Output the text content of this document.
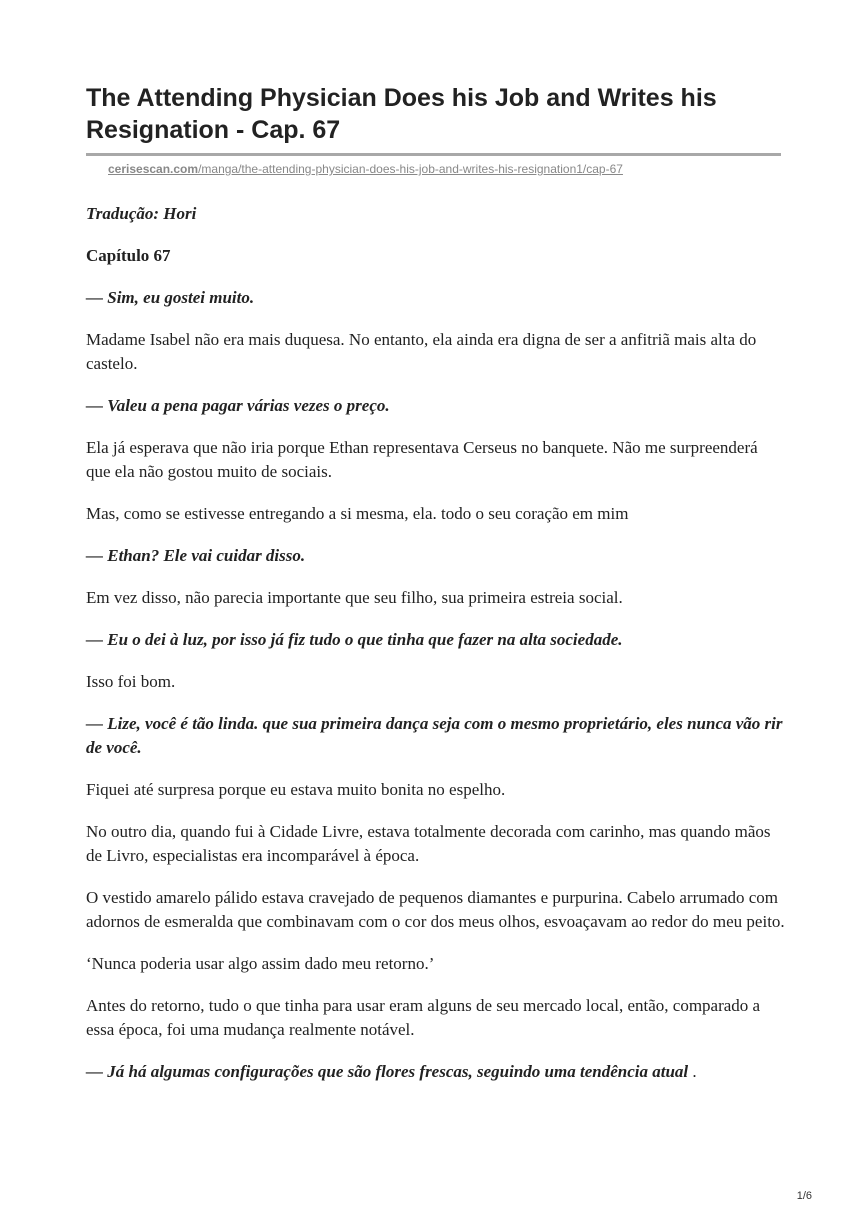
The Attending Physician Does his Job and Writes his Resignation - Cap. 67
cerisescan.com/manga/the-attending-physician-does-his-job-and-writes-his-resignation1/cap-67

Tradução: Hori

Capítulo 67

— Sim, eu gostei muito.

Madame Isabel não era mais duquesa. No entanto, ela ainda era digna de ser a anfitriã mais alta do castelo.

— Valeu a pena pagar várias vezes o preço.

Ela já esperava que não iria porque Ethan representava Cerseus no banquete. Não me surpreenderá que ela não gostou muito de sociais.

Mas, como se estivesse entregando a si mesma, ela. todo o seu coração em mim

— Ethan? Ele vai cuidar disso.

Em vez disso, não parecia importante que seu filho, sua primeira estreia social.

— Eu o dei à luz, por isso já fiz tudo o que tinha que fazer na alta sociedade.

Isso foi bom.

— Lize, você é tão linda. que sua primeira dança seja com o mesmo proprietário, eles nunca vão rir de você.

Fiquei até surpresa porque eu estava muito bonita no espelho.

No outro dia, quando fui à Cidade Livre, estava totalmente decorada com carinho, mas quando mãos de Livro, especialistas era incomparável à época.

O vestido amarelo pálido estava cravejado de pequenos diamantes e purpurina. Cabelo arrumado com adornos de esmeralda que combinavam com o cor dos meus olhos, esvoaçavam ao redor do meu peito.

‘Nunca poderia usar algo assim dado meu retorno.’

Antes do retorno, tudo o que tinha para usar eram alguns de seu mercado local, então, comparado a essa época, foi uma mudança realmente notável.

— Já há algumas configurações que são flores frescas, seguindo uma tendência atual .

1/6
